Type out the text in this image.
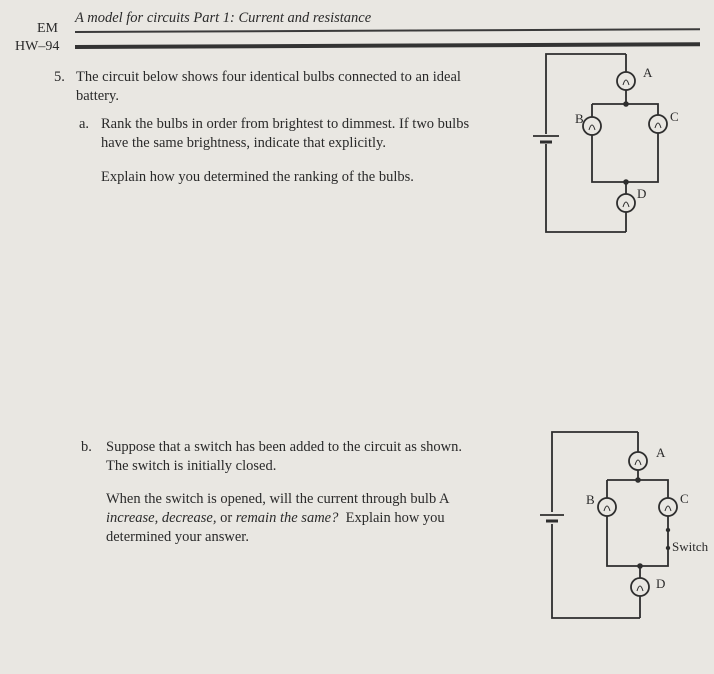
EM
HW–94
A model for circuits Part 1: Current and resistance
5. The circuit below shows four identical bulbs connected to an ideal
battery.
a. Rank the bulbs in order from brightest to dimmest. If two bulbs
have the same brightness, indicate that explicitly.
Explain how you determined the ranking of the bulbs.
A
B	C
D
b. Suppose that a switch has been added to the circuit as shown.
The switch is initially closed.
When the switch is opened, will the current through bulb A
increase, decrease, or remain the same?  Explain how you
determined your answer.
A
B	C
D
Switch
